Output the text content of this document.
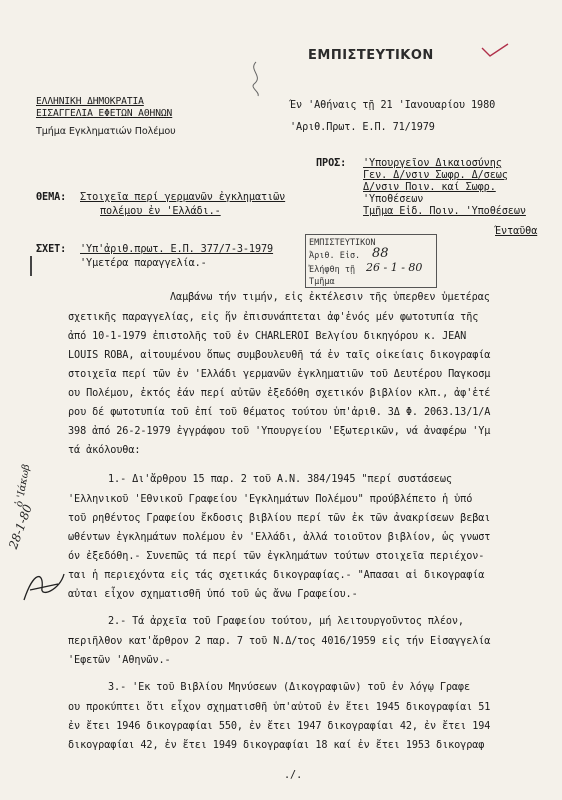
ΕΛΛΗΝΙΚΗ ΔΗΜΟΚΡΑΤΙΑ
ΕΙΣΑΓΓΕΛΙΑ ΕΦΕΤΩΝ ΑΘΗΝΩΝ
Τμήμα Εγκληματιών Πολέμου
ΕΜΠΙΣΤΕΥΤΙΚΟΝ
Έν 'Αθήναις τῇ 21 'Ιανουαρίου 1980
'Αριθ.Πρωτ. Ε.Π. 71/1979
ΠΡΟΣ: 'Υπουργεῖον Δικαιοσύνης
Γεν. Δ/νσιν Σωφρ. Δ/σεως
Δ/νσιν Ποιν. καί Σωφρ.
'Υποθέσεων
Τμῆμα Εἰδ. Ποιν. 'Υποθέσεων
Ένταῦθα
ΘΕΜΑ: Στοιχεῖα περί γερμανῶν ἐγκληματιῶν
πολέμου ἐν 'Ελλάδι.-
ΣΧΕΤ: 'Υπ'ἀριθ.πρωτ. Ε.Π. 377/7-3-1979
'Υμετέρα παραγγελία.-
ΕΜΠΙΣΤΕΥΤΙΚΟΝ
Ἀριθ. Εἰσ. 88
Ἐλήφθη τῇ 26 - 1 - 80
Τμῆμα
Λαμβάνω τήν τιμήν, εἰς ἐκτέλεσιν τῆς ὑπερθεν ὑμετέρας
σχετικῆς παραγγελίας, εἰς ἥν ἐπισυνάπτεται ἀφ'ἑνός μέν φωτοτυπία τῆς
ἀπό 10-1-1979 ἐπιστολῆς τοῦ ἐν CHARLEROI Βελγίου δικηγόρου κ. JEAN
LOUIS ROBA, αἰτουμένου ὅπως συμβουλευθῆ τά ἐν ταῖς οἰκείαις δικογραφία
στοιχεῖα περί τῶν ἐν 'Ελλάδι γερμανῶν ἐγκληματιῶν τοῦ Δευτέρου Παγκοσμ
ου Πολέμου, ἐκτός ἐάν περί αὐτῶν ἐξεδόθη σχετικόν βιβλίον κλπ., ἀφ'ἑτέ
ρου δέ φωτοτυπία τοῦ ἐπί τοῦ θέματος τούτου ὑπ'ἀριθ. 3Δ Φ. 2063.13/1/Α
398 ἀπό 26-2-1979 ἐγγράφου τοῦ 'Υπουργείου 'Εξωτερικῶν, νά ἀναφέρω 'Υμ
τά ἀκόλουθα:
1.- Δι'ἄρθρου 15 παρ. 2 τοῦ Α.Ν. 384/1945 "περί συστάσεως
'Ελληνικοῦ 'Εθνικοῦ Γραφείου 'Εγκλημάτων Πολέμου" προύβλέπετο ἡ ὑπό
τοῦ ρηθέντος Γραφείου ἔκδοσις βιβλίου περί τῶν ἐκ τῶν ἀνακρίσεων βεβαι
ωθέντων ἐγκλημάτων πολέμου ἐν 'Ελλάδι, ἀλλά τοιοῦτον βιβλίον, ὡς γνωστ
όν ἐξεδόθη.- Συνεπῶς τά περί τῶν ἐγκλημάτων τούτων στοιχεῖα περιέχον-
ται ἡ περιεχόντα εἰς τάς σχετικάς δικογραφίας.- "Απασαι αἱ δικογραφία
αὐται εἶχον σχηματισθῆ ὑπό τοῦ ὡς ἄνω Γραφείου.-
2.- Τά ἀρχεῖα τοῦ Γραφείου τούτου, μή λειτουργοῦντος πλέον,
περιῆλθον κατ'ἄρθρον 2 παρ. 7 τοῦ Ν.Δ/τος 4016/1959 εἰς τήν Εἰσαγγελία
'Εφετῶν 'Αθηνῶν.-
3.- 'Εκ τοῦ Βιβλίου Μηνύσεων (Δικογραφιῶν) τοῦ ἐν λόγῳ Γραφε
ου προκύπτει ὅτι εἶχον σχηματισθῆ ὑπ'αὐτοῦ ἐν ἔτει 1945 δικογραφίαι 51
ἐν ἔτει 1946 δικογραφίαι 550, ἐν ἔτει 1947 δικογραφίαι 42, ἐν ἔτει 194
δικογραφίαι 42, ἐν ἔτει 1949 δικογραφίαι 18 καί ἐν ἔτει 1953 δικογραφ
./.
ὁ 'Ιάκωβ
28-1-80
